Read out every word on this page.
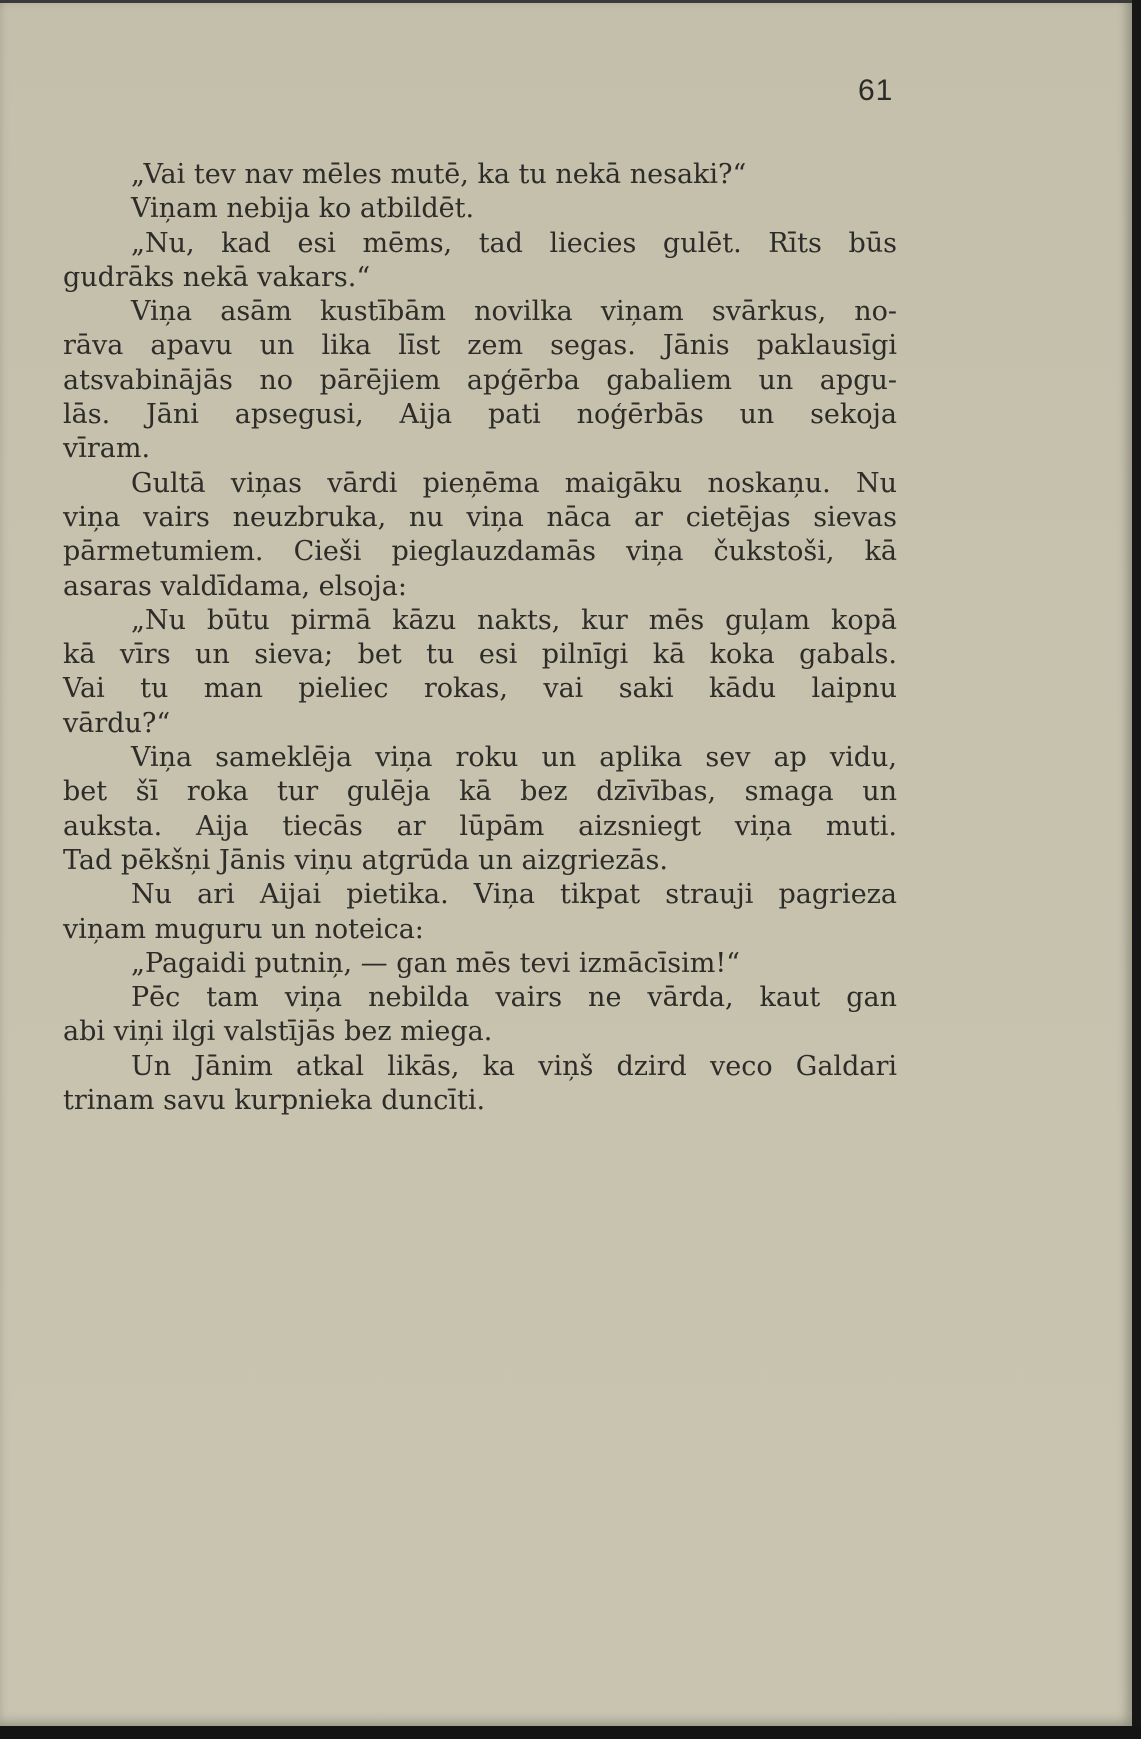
61
„Vai tev nav mēles mutē, ka tu nekā nesaki?“
Viņam nebija ko atbildēt.
„Nu, kad esi mēms, tad liecies gulēt. Rīts būs
gudrāks nekā vakars.“
Viņa asām kustībām novilka viņam svārkus, no-
rāva apavu un lika līst zem segas. Jānis paklausīgi
atsvabinājās no pārējiem apģērba gabaliem un apgu-
lās. Jāni apsegusi, Aija pati noģērbās un sekoja
vīram.
Gultā viņas vārdi pieņēma maigāku noskaņu. Nu
viņa vairs neuzbruka, nu viņa nāca ar cietējas sievas
pārmetumiem. Cieši pieglauzdamās viņa čukstoši, kā
asaras valdīdama, elsoja:
„Nu būtu pirmā kāzu nakts, kur mēs guļam kopā
kā vīrs un sieva; bet tu esi pilnīgi kā koka gabals.
Vai tu man pieliec rokas, vai saki kādu laipnu
vārdu?“
Viņa sameklēja viņa roku un aplika sev ap vidu,
bet šī roka tur gulēja kā bez dzīvības, smaga un
auksta. Aija tiecās ar lūpām aizsniegt viņa muti.
Tad pēkšņi Jānis viņu atgrūda un aizgriezās.
Nu ari Aijai pietika. Viņa tikpat strauji pagrieza
viņam muguru un noteica:
„Pagaidi putniņ, — gan mēs tevi izmācīsim!“
Pēc tam viņa nebilda vairs ne vārda, kaut gan
abi viņi ilgi valstījās bez miega.
Un Jānim atkal likās, ka viņš dzird veco Galdari
trinam savu kurpnieka duncīti.
